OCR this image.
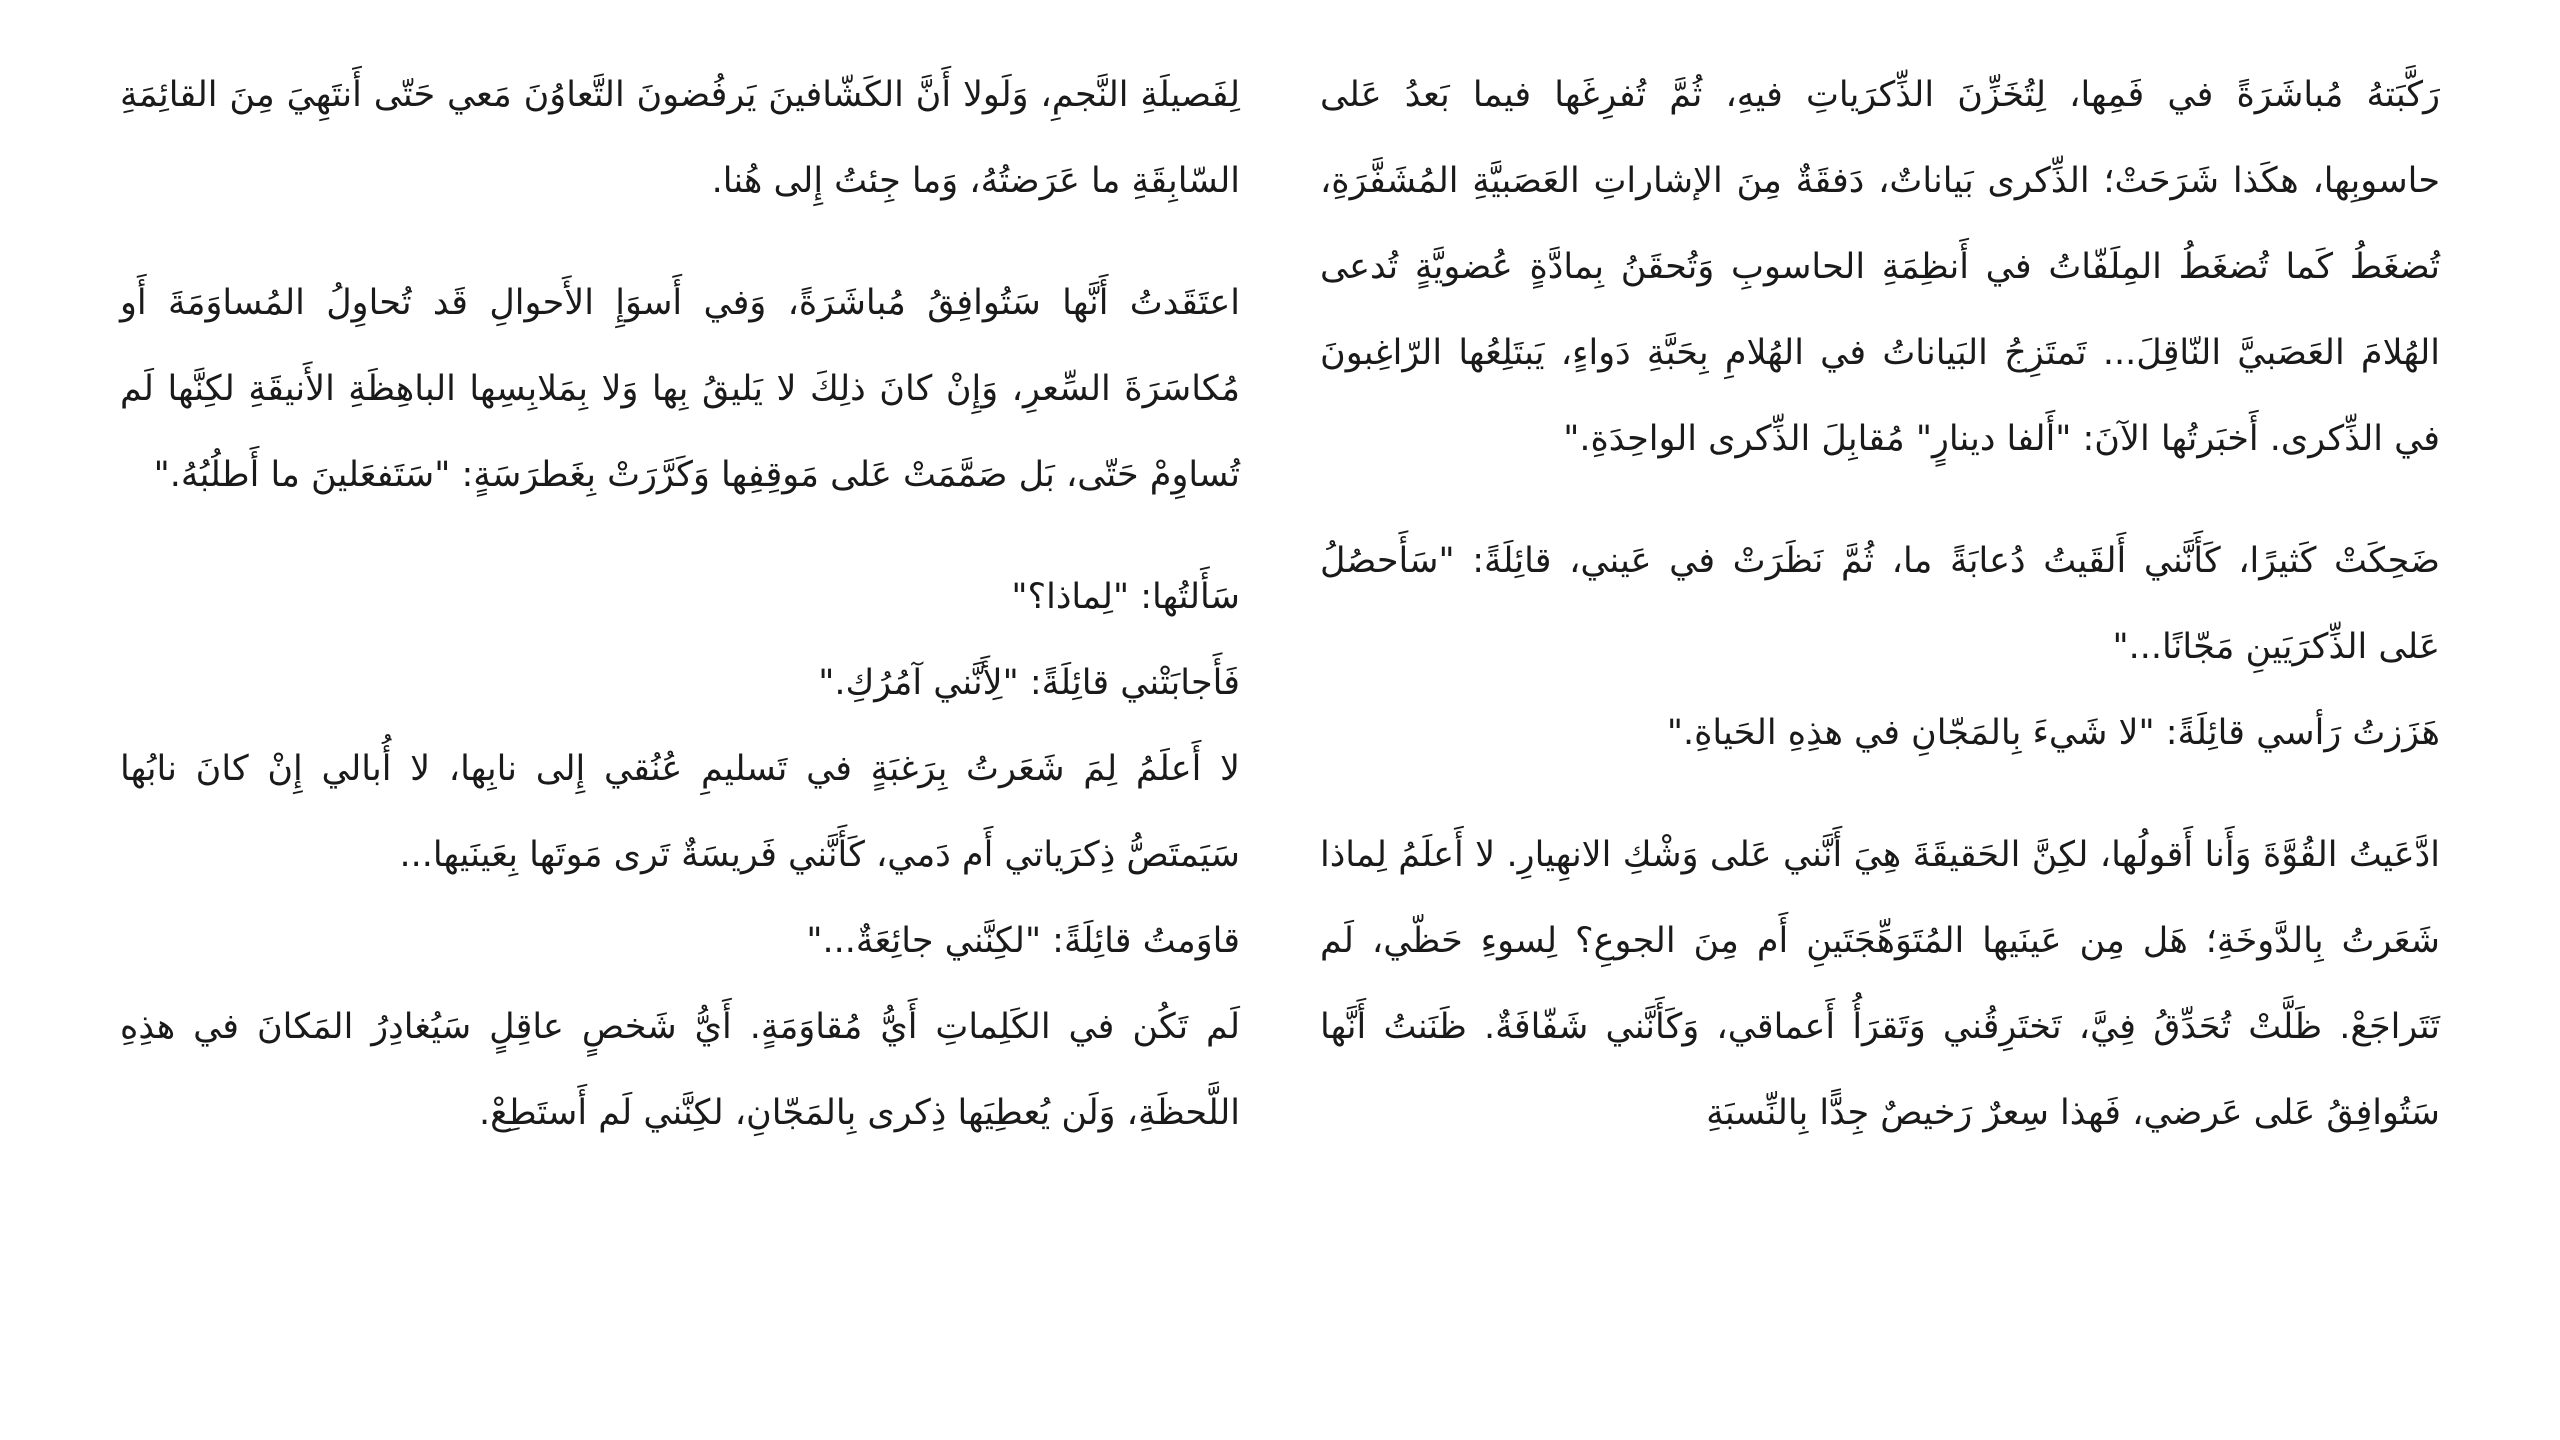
رَكَّبَتهُ مُباشَرَةً في فَمِها، لِتُخَزِّنَ الذِّكرَياتِ فيهِ، ثُمَّ تُفرِغَها فيما بَعدُ عَلى حاسوبِها، هكَذا شَرَحَتْ؛ الذِّكرى بَياناتٌ، دَفقَةٌ مِنَ الإشاراتِ العَصَبيَّةِ المُشَفَّرَةِ، تُضغَطُ كَما تُضغَطُ المِلَفّاتُ في أَنظِمَةِ الحاسوبِ وَتُحقَنُ بِمادَّةٍ عُضويَّةٍ تُدعى الهُلامَ العَصَبيَّ النّاقِلَ... تَمتَزِجُ البَياناتُ في الهُلامِ بِحَبَّةِ دَواءٍ، يَبتَلِعُها الرّاغِبونَ في الذِّكرى. أَخبَرتُها الآنَ: "أَلفا دينارٍ" مُقابِلَ الذِّكرى الواحِدَةِ."

ضَحِكَتْ كَثيرًا، كَأَنَّني أَلقَيتُ دُعابَةً ما، ثُمَّ نَظَرَتْ في عَيني، قائِلَةً: "سَأَحصُلُ عَلى الذِّكرَيَينِ مَجّانًا..."

هَزَزتُ رَأسي قائِلَةً: "لا شَيءَ بِالمَجّانِ في هذِهِ الحَياةِ."

ادَّعَيتُ القُوَّةَ وَأَنا أَقولُها، لكِنَّ الحَقيقَةَ هِيَ أَنَّني عَلى وَشْكِ الانهِيارِ. لا أَعلَمُ لِماذا شَعَرتُ بِالدَّوخَةِ؛ هَل مِن عَينَيها المُتَوَهِّجَتَينِ أَم مِنَ الجوعِ؟ لِسوءِ حَظّي، لَم تَتَراجَعْ. ظَلَّتْ تُحَدِّقُ فِيَّ، تَختَرِقُني وَتَقرَأُ أَعماقي، وَكَأَنَّني شَفّافَةٌ. ظَنَنتُ أَنَّها سَتُوافِقُ عَلى عَرضي، فَهذا سِعرٌ رَخيصٌ جِدًّا بِالنِّسبَةِ

لِفَصيلَةِ النَّجمِ، وَلَولا أَنَّ الكَشّافينَ يَرفُضونَ التَّعاوُنَ مَعي حَتّى أَنتَهِيَ مِنَ القائِمَةِ السّابِقَةِ ما عَرَضتُهُ، وَما جِئتُ إِلى هُنا.

اعتَقَدتُ أَنَّها سَتُوافِقُ مُباشَرَةً، وَفي أَسوَإِ الأَحوالِ قَد تُحاوِلُ المُساوَمَةَ أَو مُكاسَرَةَ السِّعرِ، وَإِنْ كانَ ذلِكَ لا يَليقُ بِها وَلا بِمَلابِسِها الباهِظَةِ الأَنيقَةِ لكِنَّها لَم تُساوِمْ حَتّى، بَل صَمَّمَتْ عَلى مَوقِفِها وَكَرَّرَتْ بِغَطرَسَةٍ: "سَتَفعَلينَ ما أَطلُبُهُ."

سَأَلتُها: "لِماذا؟"

فَأَجابَتْني قائِلَةً: "لِأَنَّني آمُرُكِ."

لا أَعلَمُ لِمَ شَعَرتُ بِرَغبَةٍ في تَسليمِ عُنُقي إِلى نابِها، لا أُبالي إِنْ كانَ نابُها سَيَمتَصُّ ذِكرَياتي أَم دَمي، كَأَنَّني فَريسَةٌ تَرى مَوتَها بِعَينَيها...

قاوَمتُ قائِلَةً: "لكِنَّني جائِعَةٌ..."

لَم تَكُن في الكَلِماتِ أَيُّ مُقاوَمَةٍ. أَيُّ شَخصٍ عاقِلٍ سَيُغادِرُ المَكانَ في هذِهِ اللَّحظَةِ، وَلَن يُعطِيَها ذِكرى بِالمَجّانِ، لكِنَّني لَم أَستَطِعْ.
